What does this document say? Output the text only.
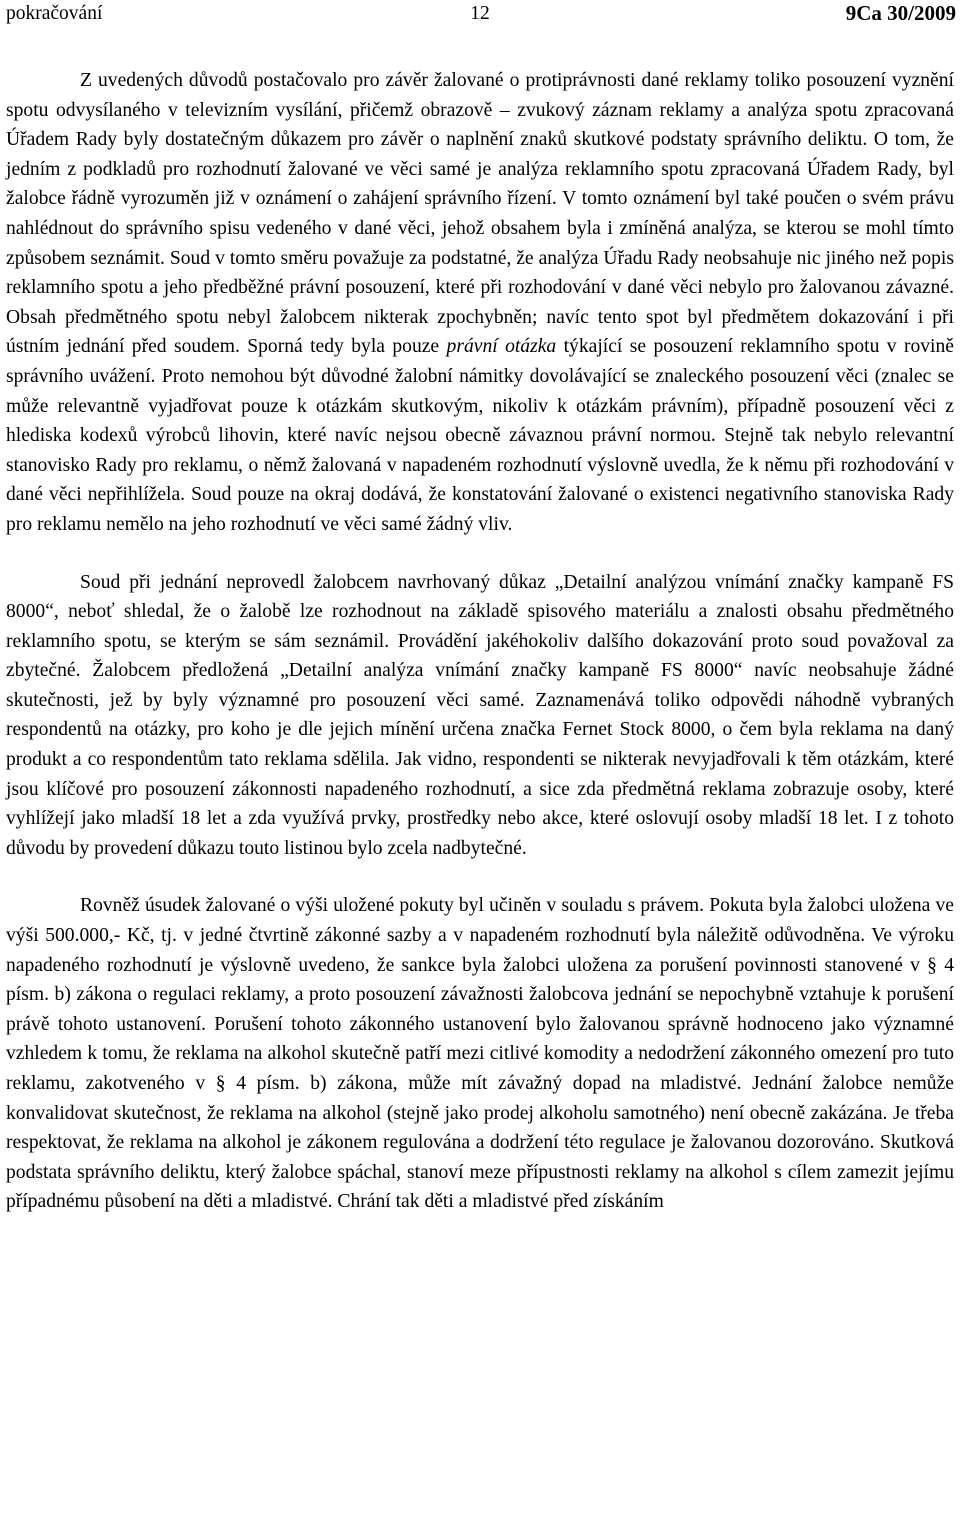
pokračování	12	9Ca 30/2009

Z uvedených důvodů postačovalo pro závěr žalované o protiprávnosti dané reklamy toliko posouzení vyznění spotu odvysílaného v televizním vysílání, přičemž obrazově – zvukový záznam reklamy a analýza spotu zpracovaná Úřadem Rady byly dostatečným důkazem pro závěr o naplnění znaků skutkové podstaty správního deliktu. O tom, že jedním z podkladů pro rozhodnutí žalované ve věci samé je analýza reklamního spotu zpracovaná Úřadem Rady, byl žalobce řádně vyrozuměn již v oznámení o zahájení správního řízení. V tomto oznámení byl také poučen o svém právu nahlédnout do správního spisu vedeného v dané věci, jehož obsahem byla i zmíněná analýza, se kterou se mohl tímto způsobem seznámit. Soud v tomto směru považuje za podstatné, že analýza Úřadu Rady neobsahuje nic jiného než popis reklamního spotu a jeho předběžné právní posouzení, které při rozhodování v dané věci nebylo pro žalovanou závazné. Obsah předmětného spotu nebyl žalobcem nikterak zpochybněn; navíc tento spot byl předmětem dokazování i při ústním jednání před soudem. Sporná tedy byla pouze právní otázka týkající se posouzení reklamního spotu v rovině správního uvážení. Proto nemohou být důvodné žalobní námitky dovolávající se znaleckého posouzení věci (znalec se může relevantně vyjadřovat pouze k otázkám skutkovým, nikoliv k otázkám právním), případně posouzení věci z hlediska kodexů výrobců lihovin, které navíc nejsou obecně závaznou právní normou. Stejně tak nebylo relevantní stanovisko Rady pro reklamu, o němž žalovaná v napadeném rozhodnutí výslovně uvedla, že k němu při rozhodování v dané věci nepřihlížela. Soud pouze na okraj dodává, že konstatování žalované o existenci negativního stanoviska Rady pro reklamu nemělo na jeho rozhodnutí ve věci samé žádný vliv.

Soud při jednání neprovedl žalobcem navrhovaný důkaz „Detailní analýzou vnímání značky kampaně FS 8000“, neboť shledal, že o žalobě lze rozhodnout na základě spisového materiálu a znalosti obsahu předmětného reklamního spotu, se kterým se sám seznámil. Provádění jakéhokoliv dalšího dokazování proto soud považoval za zbytečné. Žalobcem předložená „Detailní analýza vnímání značky kampaně FS 8000“ navíc neobsahuje žádné skutečnosti, jež by byly významné pro posouzení věci samé. Zaznamenává toliko odpovědi náhodně vybraných respondentů na otázky, pro koho je dle jejich mínění určena značka Fernet Stock 8000, o čem byla reklama na daný produkt a co respondentům tato reklama sdělila. Jak vidno, respondenti se nikterak nevyjadřovali k těm otázkám, které jsou klíčové pro posouzení zákonnosti napadeného rozhodnutí, a sice zda předmětná reklama zobrazuje osoby, které vyhlížejí jako mladší 18 let a zda využívá prvky, prostředky nebo akce, které oslovují osoby mladší 18 let. I z tohoto důvodu by provedení důkazu touto listinou bylo zcela nadbytečné.

Rovněž úsudek žalované o výši uložené pokuty byl učiněn v souladu s právem. Pokuta byla žalobci uložena ve výši 500.000,- Kč, tj. v jedné čtvrtině zákonné sazby a v napadeném rozhodnutí byla náležitě odůvodněna. Ve výroku napadeného rozhodnutí je výslovně uvedeno, že sankce byla žalobci uložena za porušení povinnosti stanovené v § 4 písm. b) zákona o regulaci reklamy, a proto posouzení závažnosti žalobcova jednání se nepochybně vztahuje k porušení právě tohoto ustanovení. Porušení tohoto zákonného ustanovení bylo žalovanou správně hodnoceno jako významné vzhledem k tomu, že reklama na alkohol skutečně patří mezi citlivé komodity a nedodržení zákonného omezení pro tuto reklamu, zakotveného v § 4 písm. b) zákona, může mít závažný dopad na mladistvé. Jednání žalobce nemůže konvalidovat skutečnost, že reklama na alkohol (stejně jako prodej alkoholu samotného) není obecně zakázána. Je třeba respektovat, že reklama na alkohol je zákonem regulována a dodržení této regulace je žalovanou dozorováno. Skutková podstata správního deliktu, který žalobce spáchal, stanoví meze přípustnosti reklamy na alkohol s cílem zamezit jejímu případnému působení na děti a mladistvé. Chrání tak děti a mladistvé před získáním
